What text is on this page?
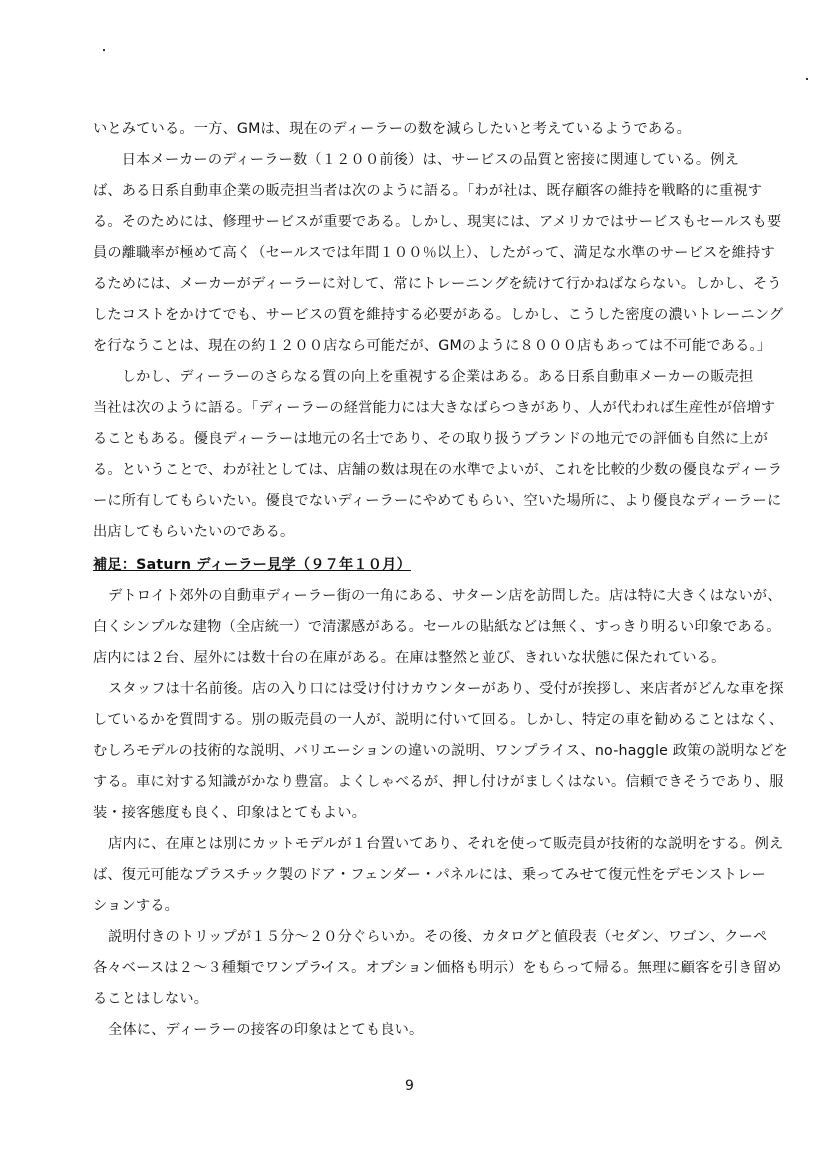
いとみている。一方、GMは、現在のディーラーの数を減らしたいと考えているようである。
　　日本メーカーのディーラー数（１２００前後）は、サービスの品質と密接に関連している。例え
ば、ある日系自動車企業の販売担当者は次のように語る。「わが社は、既存顧客の維持を戦略的に重視す
る。そのためには、修理サービスが重要である。しかし、現実には、アメリカではサービスもセールスも要
員の離職率が極めて高く（セールスでは年間１００％以上）、したがって、満足な水準のサービスを維持す
るためには、メーカーがディーラーに対して、常にトレーニングを続けて行かねばならない。しかし、そう
したコストをかけてでも、サービスの質を維持する必要がある。しかし、こうした密度の濃いトレーニング
を行なうことは、現在の約１２００店なら可能だが、GMのように８０００店もあっては不可能である。」
　　しかし、ディーラーのさらなる質の向上を重視する企業はある。ある日系自動車メーカーの販売担
当社は次のように語る。「ディーラーの経営能力には大きなばらつきがあり、人が代われば生産性が倍増す
ることもある。優良ディーラーは地元の名士であり、その取り扱うブランドの地元での評価も自然に上が
る。ということで、わが社としては、店舗の数は現在の水準でよいが、これを比較的少数の優良なディーラ
ーに所有してもらいたい。優良でないディーラーにやめてもらい、空いた場所に、より優良なディーラーに
出店してもらいたいのである。
補足：Saturn ディーラー見学（９７年１０月）
デトロイト郊外の自動車ディーラー街の一角にある、サターン店を訪問した。店は特に大きくはないが、
白くシンプルな建物（全店統一）で清潔感がある。セールの貼紙などは無く、すっきり明るい印象である。
店内には２台、屋外には数十台の在庫がある。在庫は整然と並び、きれいな状態に保たれている。
スタッフは十名前後。店の入り口には受け付けカウンターがあり、受付が挨拶し、来店者がどんな車を探
しているかを質問する。別の販売員の一人が、説明に付いて回る。しかし、特定の車を勧めることはなく、
むしろモデルの技術的な説明、バリエーションの違いの説明、ワンプライス、no-haggle 政策の説明などを
する。車に対する知識がかなり豊富。よくしゃべるが、押し付けがましくはない。信頼できそうであり、服
装・接客態度も良く、印象はとてもよい。
店内に、在庫とは別にカットモデルが１台置いてあり、それを使って販売員が技術的な説明をする。例え
ば、復元可能なプラスチック製のドア・フェンダー・パネルには、乗ってみせて復元性をデモンストレー
ションする。
説明付きのトリップが１５分～２０分ぐらいか。その後、カタログと値段表（セダン、ワゴン、クーペ
各々ベースは２～３種類でワンプライス。オプション価格も明示）をもらって帰る。無理に顧客を引き留め
ることはしない。
全体に、ディーラーの接客の印象はとても良い。
9
